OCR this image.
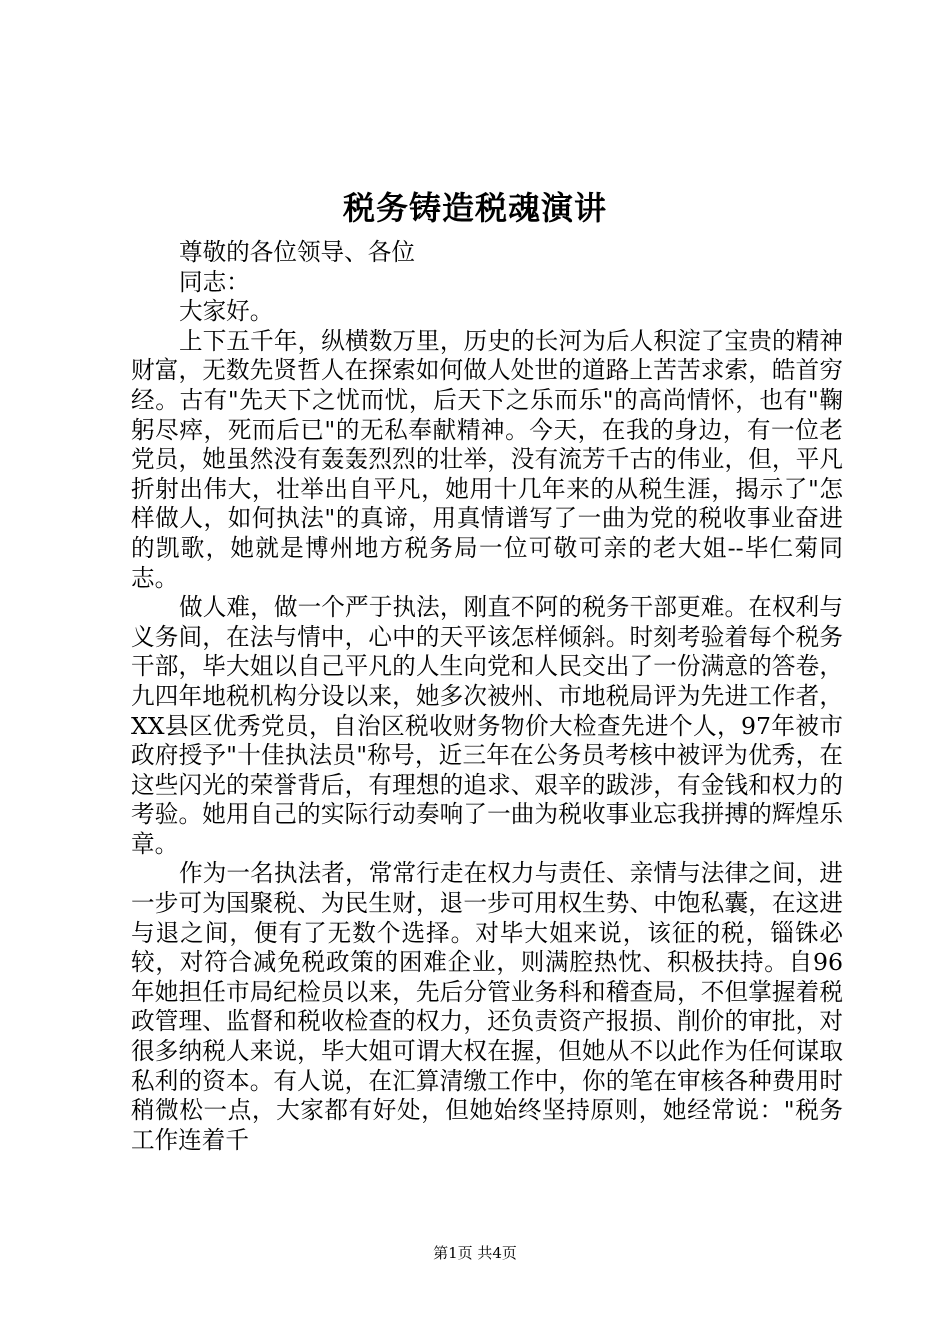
税务铸造税魂演讲
尊敬的各位领导、各位
同志：
大家好。

上下五千年，纵横数万里，历史的长河为后人积淀了宝贵的精神财富，无数先贤哲人在探索如何做人处世的道路上苦苦求索，皓首穷经。古有"先天下之忧而忧，后天下之乐而乐"的高尚情怀，也有"鞠躬尽瘁，死而后已"的无私奉献精神。今天，在我的身边，有一位老党员，她虽然没有轰轰烈烈的壮举，没有流芳千古的伟业，但，平凡折射出伟大，壮举出自平凡，她用十几年来的从税生涯，揭示了"怎样做人，如何执法"的真谛，用真情谱写了一曲为党的税收事业奋进的凯歌，她就是博州地方税务局一位可敬可亲的老大姐--毕仁菊同志。

做人难，做一个严于执法，刚直不阿的税务干部更难。在权利与义务间，在法与情中，心中的天平该怎样倾斜。时刻考验着每个税务干部，毕大姐以自己平凡的人生向党和人民交出了一份满意的答卷，九四年地税机构分设以来，她多次被州、市地税局评为先进工作者，XX县区优秀党员，自治区税收财务物价大检查先进个人，97年被市政府授予"十佳执法员"称号，近三年在公务员考核中被评为优秀，在这些闪光的荣誉背后，有理想的追求、艰辛的跋涉，有金钱和权力的考验。她用自己的实际行动奏响了一曲为税收事业忘我拼搏的辉煌乐章。

作为一名执法者，常常行走在权力与责任、亲情与法律之间，进一步可为国聚税、为民生财，退一步可用权生势、中饱私囊，在这进与退之间，便有了无数个选择。对毕大姐来说，该征的税，锱铢必较，对符合减免税政策的困难企业，则满腔热忱、积极扶持。自96年她担任市局纪检员以来，先后分管业务科和稽查局，不但掌握着税政管理、监督和税收检查的权力，还负责资产报损、削价的审批，对很多纳税人来说，毕大姐可谓大权在握，但她从不以此作为任何谋取私利的资本。有人说，在汇算清缴工作中，你的笔在审核各种费用时稍微松一点，大家都有好处，但她始终坚持原则，她经常说："税务工作连着千

第1页 共4页
